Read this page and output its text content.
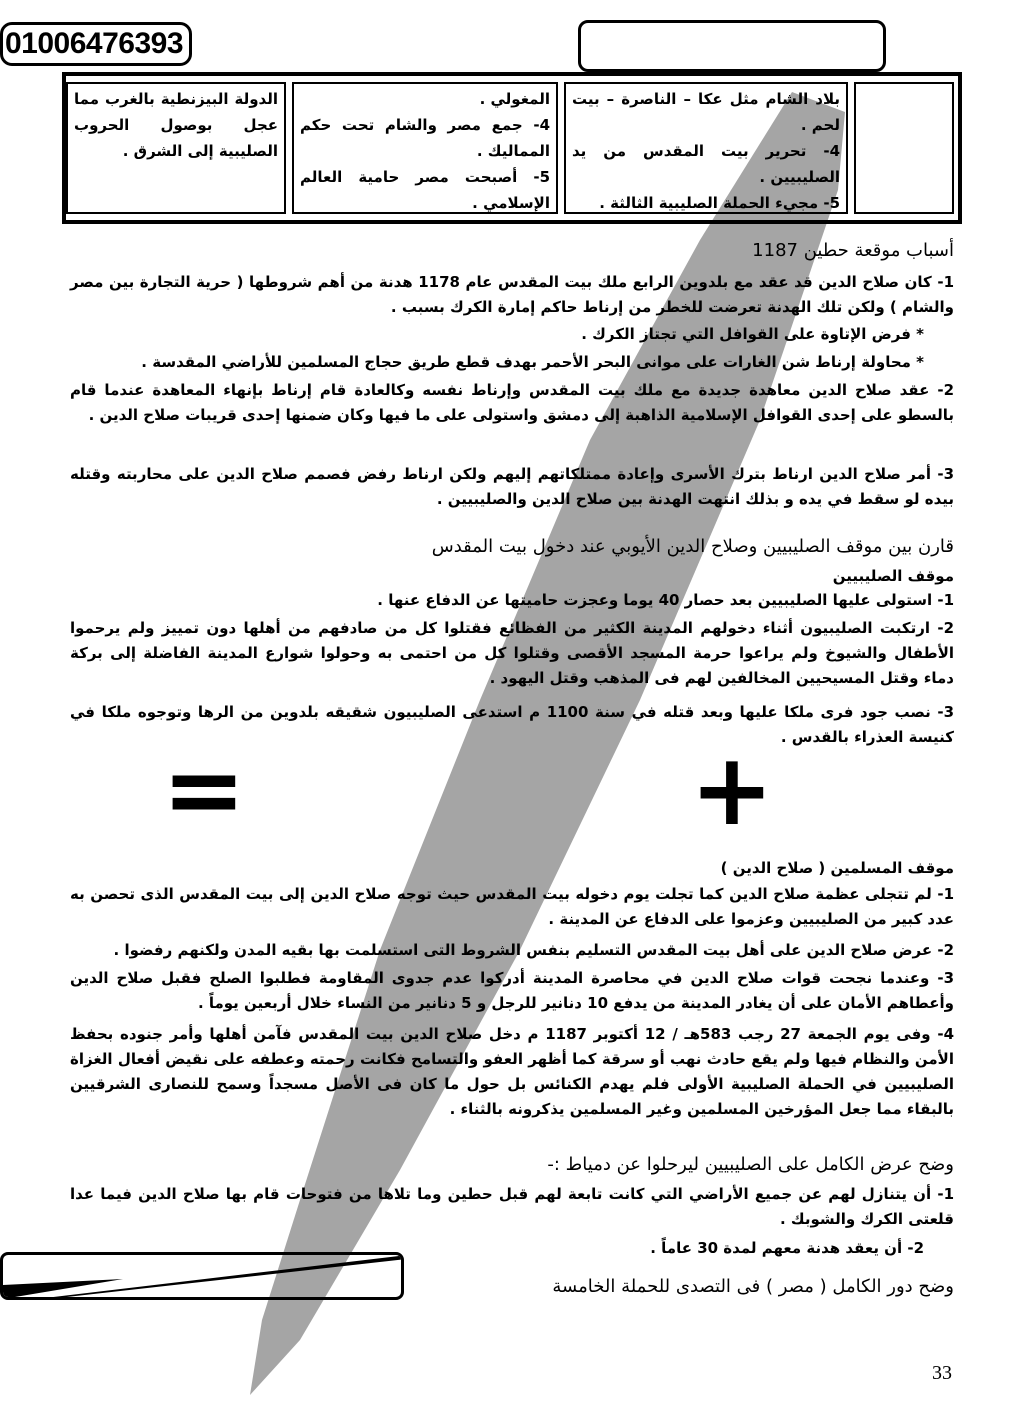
01006476393
بلاد الشام مثل عكا – الناصرة – بيت لحم .
4- تحرير بيت المقدس من يد الصليبيين .
5- مجيء الحملة الصليبية الثالثة .
المغولي .
4- جمع مصر والشام تحت حكم المماليك .
5- أصبحت مصر حامية العالم الإسلامي .
الدولة البيزنطية بالغرب مما عجل بوصول الحروب الصليبية إلى الشرق .
أسباب موقعة حطين 1187
1- كان صلاح الدين قد عقد مع بلدوين الرابع ملك بيت المقدس عام 1178 هدنة من أهم شروطها ( حرية التجارة بين مصر والشام ) ولكن تلك الهدنة تعرضت للخطر من إرناط حاكم إمارة الكرك بسبب .
* فرض الإتاوة على القوافل التي تجتاز الكرك .
* محاولة إرناط شن الغارات على موانى البحر الأحمر بهدف قطع طريق حجاج المسلمين للأراضي المقدسة .
2- عقد صلاح الدين معاهدة جديدة مع ملك بيت المقدس وإرناط نفسه وكالعادة قام إرناط بإنهاء المعاهدة عندما قام بالسطو على إحدى القوافل الإسلامية الذاهبة إلى دمشق واستولى على ما فيها وكان ضمنها إحدى قريبات صلاح الدين .
3- أمر صلاح الدين ارناط بترك الأسرى وإعادة ممتلكاتهم إليهم ولكن ارناط رفض فصمم صلاح الدين على محاربته وقتله بيده لو سقط في يده و بذلك انتهت الهدنة بين صلاح الدين والصليبيين .
قارن بين موقف الصليبيين وصلاح الدين الأيوبي عند دخول بيت المقدس
موقف الصليبيين
1- استولى عليها الصليبيين بعد حصار 40 يوما وعجزت حاميتها عن الدفاع عنها .
2- ارتكبت الصليبيون أثناء دخولهم المدينة الكثير من الفظائع فقتلوا كل من صادفهم من أهلها دون تمييز ولم يرحموا الأطفال والشيوخ ولم يراعوا حرمة المسجد الأقصى وقتلوا كل من احتمى به وحولوا شوارع المدينة الفاضلة إلى بركة دماء وقتل المسيحيين المخالفين لهم فى المذهب وقتل اليهود .
3- نصب جود فرى ملكا عليها وبعد قتله في سنة 1100 م استدعى الصليبيون شقيقه بلدوين من الرها وتوجوه ملكا في كنيسة العذراء بالقدس .
+
=
موقف المسلمين ( صلاح الدين )
1- لم تتجلى عظمة صلاح الدين كما تجلت يوم دخوله بيت المقدس حيث توجه صلاح الدين إلى بيت المقدس الذى تحصن به عدد كبير من الصليبيين وعزموا على الدفاع عن المدينة .
2- عرض صلاح الدين على أهل بيت المقدس التسليم بنفس الشروط التى استسلمت بها بقيه المدن ولكنهم رفضوا .
3- وعندما نجحت قوات صلاح الدين في محاصرة المدينة أدركوا عدم جدوى المقاومة فطلبوا الصلح فقبل صلاح الدين وأعطاهم الأمان على أن يغادر المدينة من يدفع 10 دنانير للرجل و 5 دنانير من النساء خلال أربعين يوماً .
4- وفى يوم الجمعة 27 رجب 583هـ / 12 أكتوبر 1187 م دخل صلاح الدين بيت المقدس فآمن أهلها وأمر جنوده بحفظ الأمن والنظام فيها ولم يقع حادث نهب أو سرقة كما أظهر العفو والتسامح فكانت رحمته وعطفه على نقيض أفعال الغزاة الصليبيين في الحملة الصليبية الأولى فلم يهدم الكنائس بل حول ما كان فى الأصل مسجداً وسمح للنصارى الشرقيين بالبقاء مما جعل المؤرخين المسلمين وغير المسلمين يذكرونه بالثناء .
وضح عرض الكامل على الصليبيين ليرحلوا عن دمياط :-
1- أن يتنازل لهم عن جميع الأراضي التي كانت تابعة لهم قبل حطين وما تلاها من فتوحات قام بها صلاح الدين فيما عدا قلعتى الكرك والشوبك .
2- أن يعقد هدنة معهم لمدة 30 عاماً .
وضح دور الكامل ( مصر ) فى التصدى للحملة الخامسة
33
